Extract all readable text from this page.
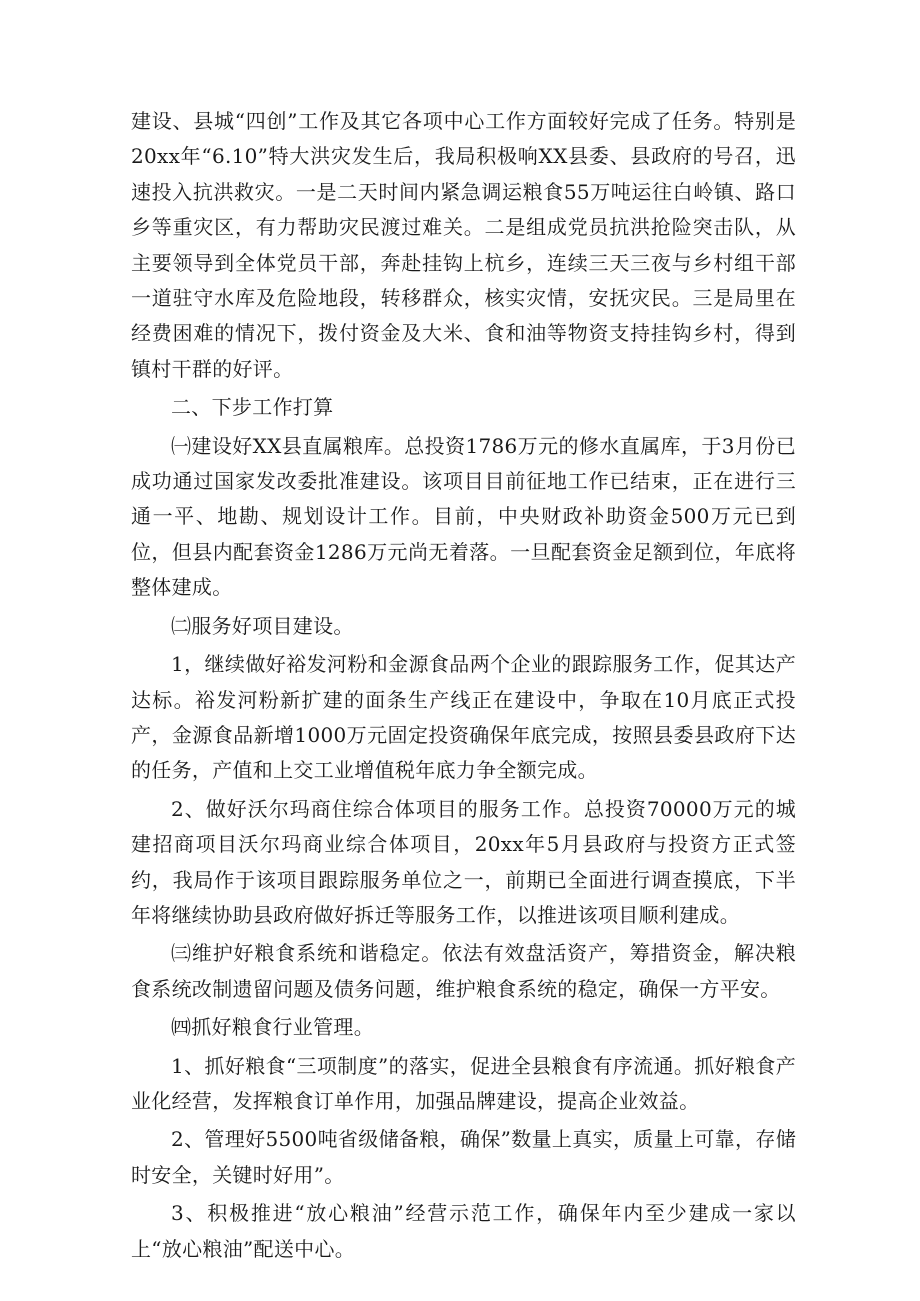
建设、县城“四创”工作及其它各项中心工作方面较好完成了任务。特别是20xx年“6.10”特大洪灾发生后，我局积极响XX县委、县政府的号召，迅速投入抗洪救灾。一是二天时间内紧急调运粮食55万吨运往白岭镇、路口乡等重灾区，有力帮助灾民渡过难关。二是组成党员抗洪抢险突击队，从主要领导到全体党员干部，奔赴挂钩上杭乡，连续三天三夜与乡村组干部一道驻守水库及危险地段，转移群众，核实灾情，安抚灾民。三是局里在经费困难的情况下，拨付资金及大米、食和油等物资支持挂钩乡村，得到镇村干群的好评。

二、下步工作打算

㈠建设好XX县直属粮库。总投资1786万元的修水直属库，于3月份已成功通过国家发改委批准建设。该项目目前征地工作已结束，正在进行三通一平、地勘、规划设计工作。目前，中央财政补助资金500万元已到位，但县内配套资金1286万元尚无着落。一旦配套资金足额到位，年底将整体建成。

㈡服务好项目建设。

1，继续做好裕发河粉和金源食品两个企业的跟踪服务工作，促其达产达标。裕发河粉新扩建的面条生产线正在建设中，争取在10月底正式投产，金源食品新增1000万元固定投资确保年底完成，按照县委县政府下达的任务，产值和上交工业增值税年底力争全额完成。

2、做好沃尔玛商住综合体项目的服务工作。总投资70000万元的城建招商项目沃尔玛商业综合体项目，20xx年5月县政府与投资方正式签约，我局作于该项目跟踪服务单位之一，前期已全面进行调查摸底，下半年将继续协助县政府做好拆迁等服务工作，以推进该项目顺利建成。

㈢维护好粮食系统和谐稳定。依法有效盘活资产，筹措资金，解决粮食系统改制遗留问题及债务问题，维护粮食系统的稳定，确保一方平安。

㈣抓好粮食行业管理。

1、抓好粮食“三项制度”的落实，促进全县粮食有序流通。抓好粮食产业化经营，发挥粮食订单作用，加强品牌建设，提高企业效益。

2、管理好5500吨省级储备粮，确保”数量上真实，质量上可靠，存储时安全，关键时好用”。

3、积极推进“放心粮油”经营示范工作，确保年内至少建成一家以上“放心粮油”配送中心。
